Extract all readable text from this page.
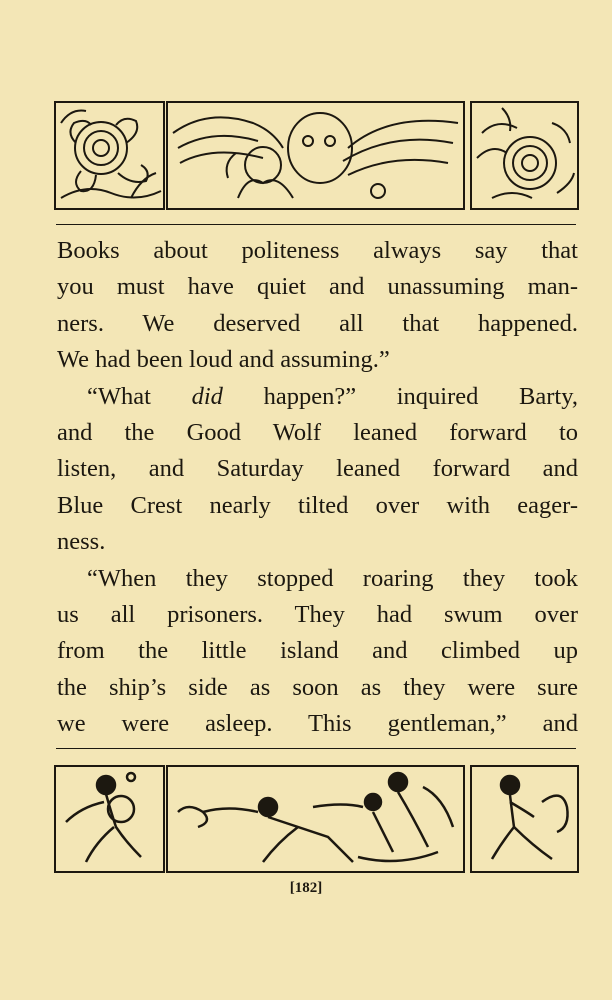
Books about politeness always say that
you must have quiet and unassuming man-
ners. We deserved all that happened.
We had been loud and assuming.”
“What did happen?” inquired Barty,
and the Good Wolf leaned forward to
listen, and Saturday leaned forward and
Blue Crest nearly tilted over with eager-
ness.
“When they stopped roaring they took
us all prisoners. They had swum over
from the little island and climbed up
the ship’s side as soon as they were sure
we were asleep. This gentleman,” and
[182]
